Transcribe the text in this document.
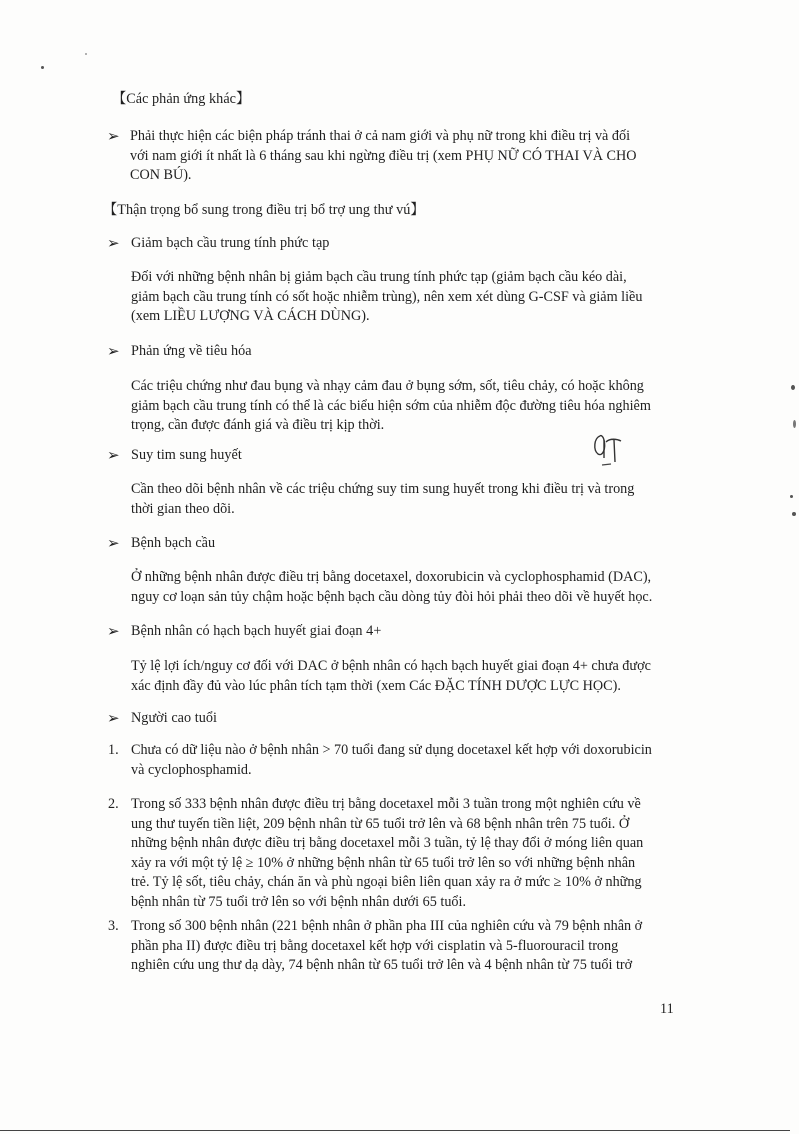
【Các phản ứng khác】
➢ Phải thực hiện các biện pháp tránh thai ở cả nam giới và phụ nữ trong khi điều trị và đối
với nam giới ít nhất là 6 tháng sau khi ngừng điều trị (xem PHỤ NỮ CÓ THAI VÀ CHO
CON BÚ).
【Thận trọng bổ sung trong điều trị bổ trợ ung thư vú】
➢ Giảm bạch cầu trung tính phức tạp
Đối với những bệnh nhân bị giảm bạch cầu trung tính phức tạp (giảm bạch cầu kéo dài,
giảm bạch cầu trung tính có sốt hoặc nhiễm trùng), nên xem xét dùng G-CSF và giảm liều
(xem LIỀU LƯỢNG VÀ CÁCH DÙNG).
➢ Phản ứng về tiêu hóa
Các triệu chứng như đau bụng và nhạy cảm đau ở bụng sớm, sốt, tiêu chảy, có hoặc không
giảm bạch cầu trung tính có thể là các biểu hiện sớm của nhiễm độc đường tiêu hóa nghiêm
trọng, cần được đánh giá và điều trị kịp thời.
➢ Suy tim sung huyết
Cần theo dõi bệnh nhân về các triệu chứng suy tim sung huyết trong khi điều trị và trong
thời gian theo dõi.
➢ Bệnh bạch cầu
Ở những bệnh nhân được điều trị bằng docetaxel, doxorubicin và cyclophosphamid (DAC),
nguy cơ loạn sản tủy chậm hoặc bệnh bạch cầu dòng tủy đòi hỏi phải theo dõi về huyết học.
➢ Bệnh nhân có hạch bạch huyết giai đoạn 4+
Tỷ lệ lợi ích/nguy cơ đối với DAC ở bệnh nhân có hạch bạch huyết giai đoạn 4+ chưa được
xác định đầy đủ vào lúc phân tích tạm thời (xem Các ĐẶC TÍNH DƯỢC LỰC HỌC).
➢ Người cao tuổi
1. Chưa có dữ liệu nào ở bệnh nhân > 70 tuổi đang sử dụng docetaxel kết hợp với doxorubicin
và cyclophosphamid.
2. Trong số 333 bệnh nhân được điều trị bằng docetaxel mỗi 3 tuần trong một nghiên cứu về
ung thư tuyến tiền liệt, 209 bệnh nhân từ 65 tuổi trở lên và 68 bệnh nhân trên 75 tuổi. Ở
những bệnh nhân được điều trị bằng docetaxel mỗi 3 tuần, tỷ lệ thay đổi ở móng liên quan
xảy ra với một tỷ lệ ≥ 10% ở những bệnh nhân từ 65 tuổi trở lên so với những bệnh nhân
trẻ. Tỷ lệ sốt, tiêu chảy, chán ăn và phù ngoại biên liên quan xảy ra ở mức ≥ 10% ở những
bệnh nhân từ 75 tuổi trở lên so với bệnh nhân dưới 65 tuổi.
3. Trong số 300 bệnh nhân (221 bệnh nhân ở phần pha III của nghiên cứu và 79 bệnh nhân ở
phần pha II) được điều trị bằng docetaxel kết hợp với cisplatin và 5-fluorouracil trong
nghiên cứu ung thư dạ dày, 74 bệnh nhân từ 65 tuổi trở lên và 4 bệnh nhân từ 75 tuổi trở
11
